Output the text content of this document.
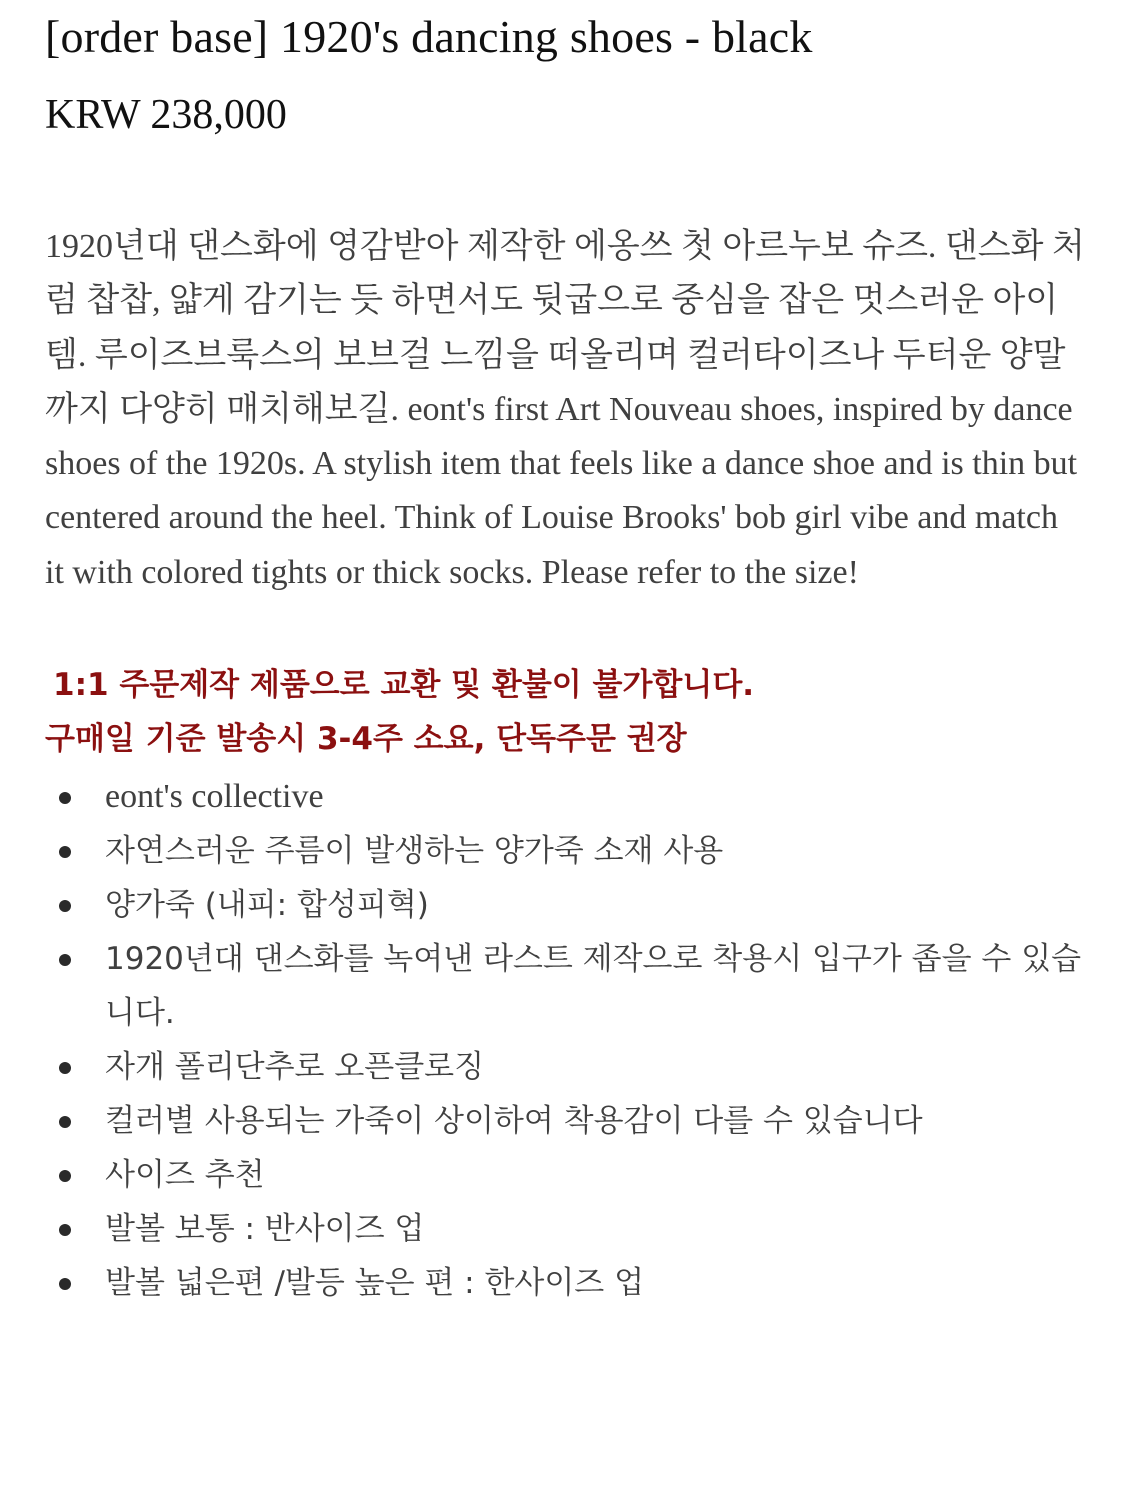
[order base] 1920's dancing shoes - black
KRW 238,000

1920년대 댄스화에 영감받아 제작한 에옹쓰 첫 아르누보 슈즈. 댄스화 처럼 찹찹, 얇게 감기는 듯 하면서도 뒷굽으로 중심을 잡은 멋스러운 아이템. 루이즈브룩스의 보브걸 느낌을 떠올리며 컬러타이즈나 두터운 양말까지 다양히 매치해보길. eont's first Art Nouveau shoes, inspired by dance shoes of the 1920s. A stylish item that feels like a dance shoe and is thin but centered around the heel. Think of Louise Brooks' bob girl vibe and match it with colored tights or thick socks. Please refer to the size!

1:1 주문제작 제품으로 교환 및 환불이 불가합니다.
구매일 기준 발송시 3-4주 소요, 단독주문 권장
eont's collective
자연스러운 주름이 발생하는 양가죽 소재 사용
양가죽 (내피: 합성피혁)
1920년대 댄스화를 녹여낸 라스트 제작으로 착용시 입구가 좁을 수 있습니다.
자개 폴리단추로 오픈클로징
컬러별 사용되는 가죽이 상이하여 착용감이 다를 수 있습니다
사이즈 추천
발볼 보통 : 반사이즈 업
발볼 넓은편 /발등 높은 편 : 한사이즈 업
